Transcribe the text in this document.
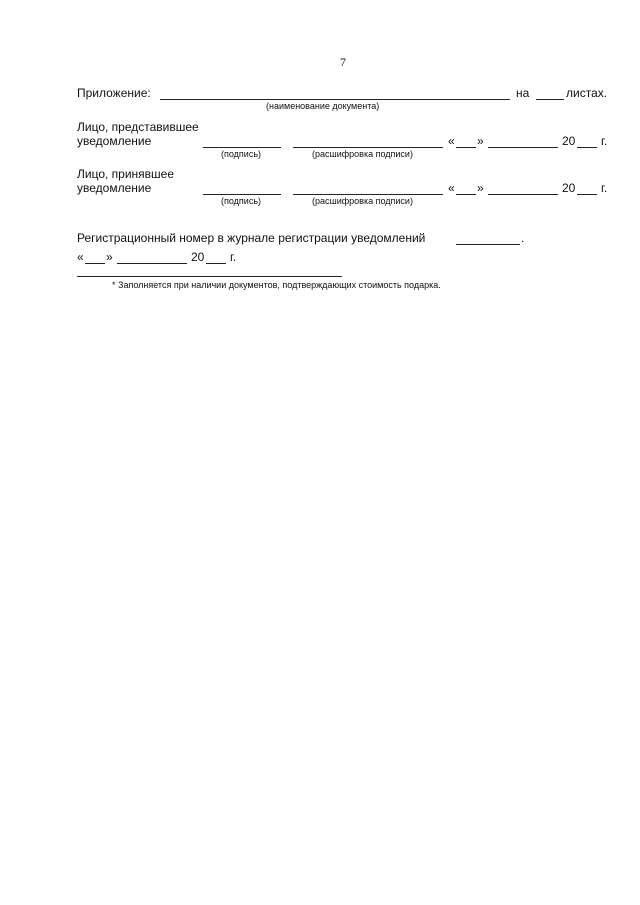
7
Приложение:	на	листах.
(наименование документа)
Лицо, представившее
уведомление	« »	20 г.
(подпись)	(расшифровка подписи)
Лицо, принявшее
уведомление	« »	20 г.
(подпись)	(расшифровка подписи)
Регистрационный номер в журнале регистрации уведомлений	.
« »	20 г.
* Заполняется при наличии документов, подтверждающих стоимость подарка.
